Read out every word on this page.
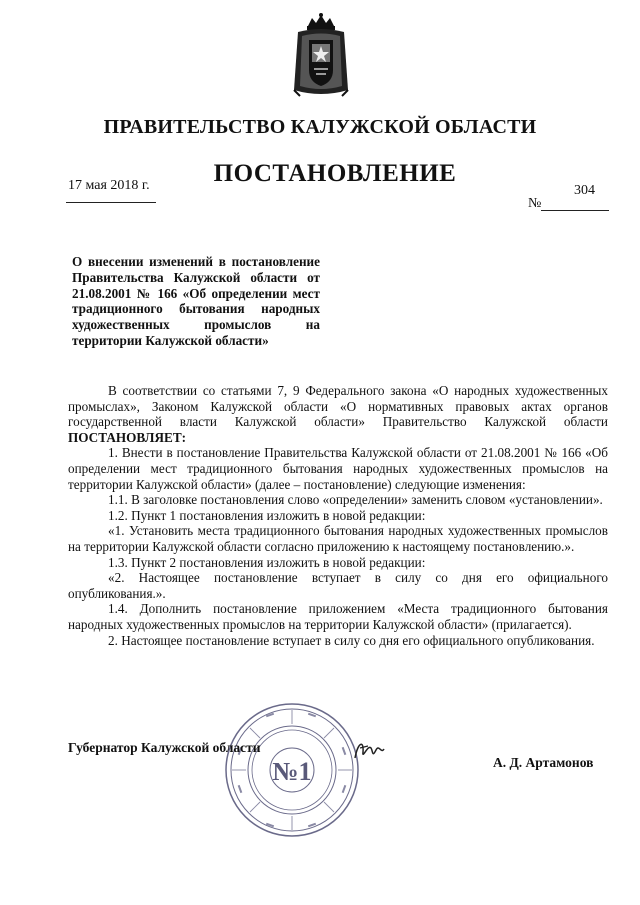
ПРАВИТЕЛЬСТВО КАЛУЖСКОЙ ОБЛАСТИ
ПОСТАНОВЛЕНИЕ
17 мая 2018 г.	304
№
О внесении изменений в постановление Правительства Калужской области от 21.08.2001 № 166 «Об определении мест традиционного бытования народных художественных промыслов на территории Калужской области»

В соответствии со статьями 7, 9 Федерального закона «О народных художественных промыслах», Законом Калужской области «О нормативных правовых актах органов государственной власти Калужской области» Правительство Калужской области ПОСТАНОВЛЯЕТ:

1. Внести в постановление Правительства Калужской области от 21.08.2001 № 166 «Об определении мест традиционного бытования народных художественных промыслов на территории Калужской области» (далее – постановление) следующие изменения:

1.1. В заголовке постановления слово «определении» заменить словом «установлении».

1.2. Пункт 1 постановления изложить в новой редакции:

«1. Установить места традиционного бытования народных художественных промыслов на территории Калужской области согласно приложению к настоящему постановлению.».

1.3. Пункт 2 постановления изложить в новой редакции:

«2. Настоящее постановление вступает в силу со дня его официального опубликования.».

1.4. Дополнить постановление приложением «Места традиционного бытования народных художественных промыслов на территории Калужской области» (прилагается).

2. Настоящее постановление вступает в силу со дня его официального опубликования.

№1
Губернатор Калужской области
А. Д. Артамонов
